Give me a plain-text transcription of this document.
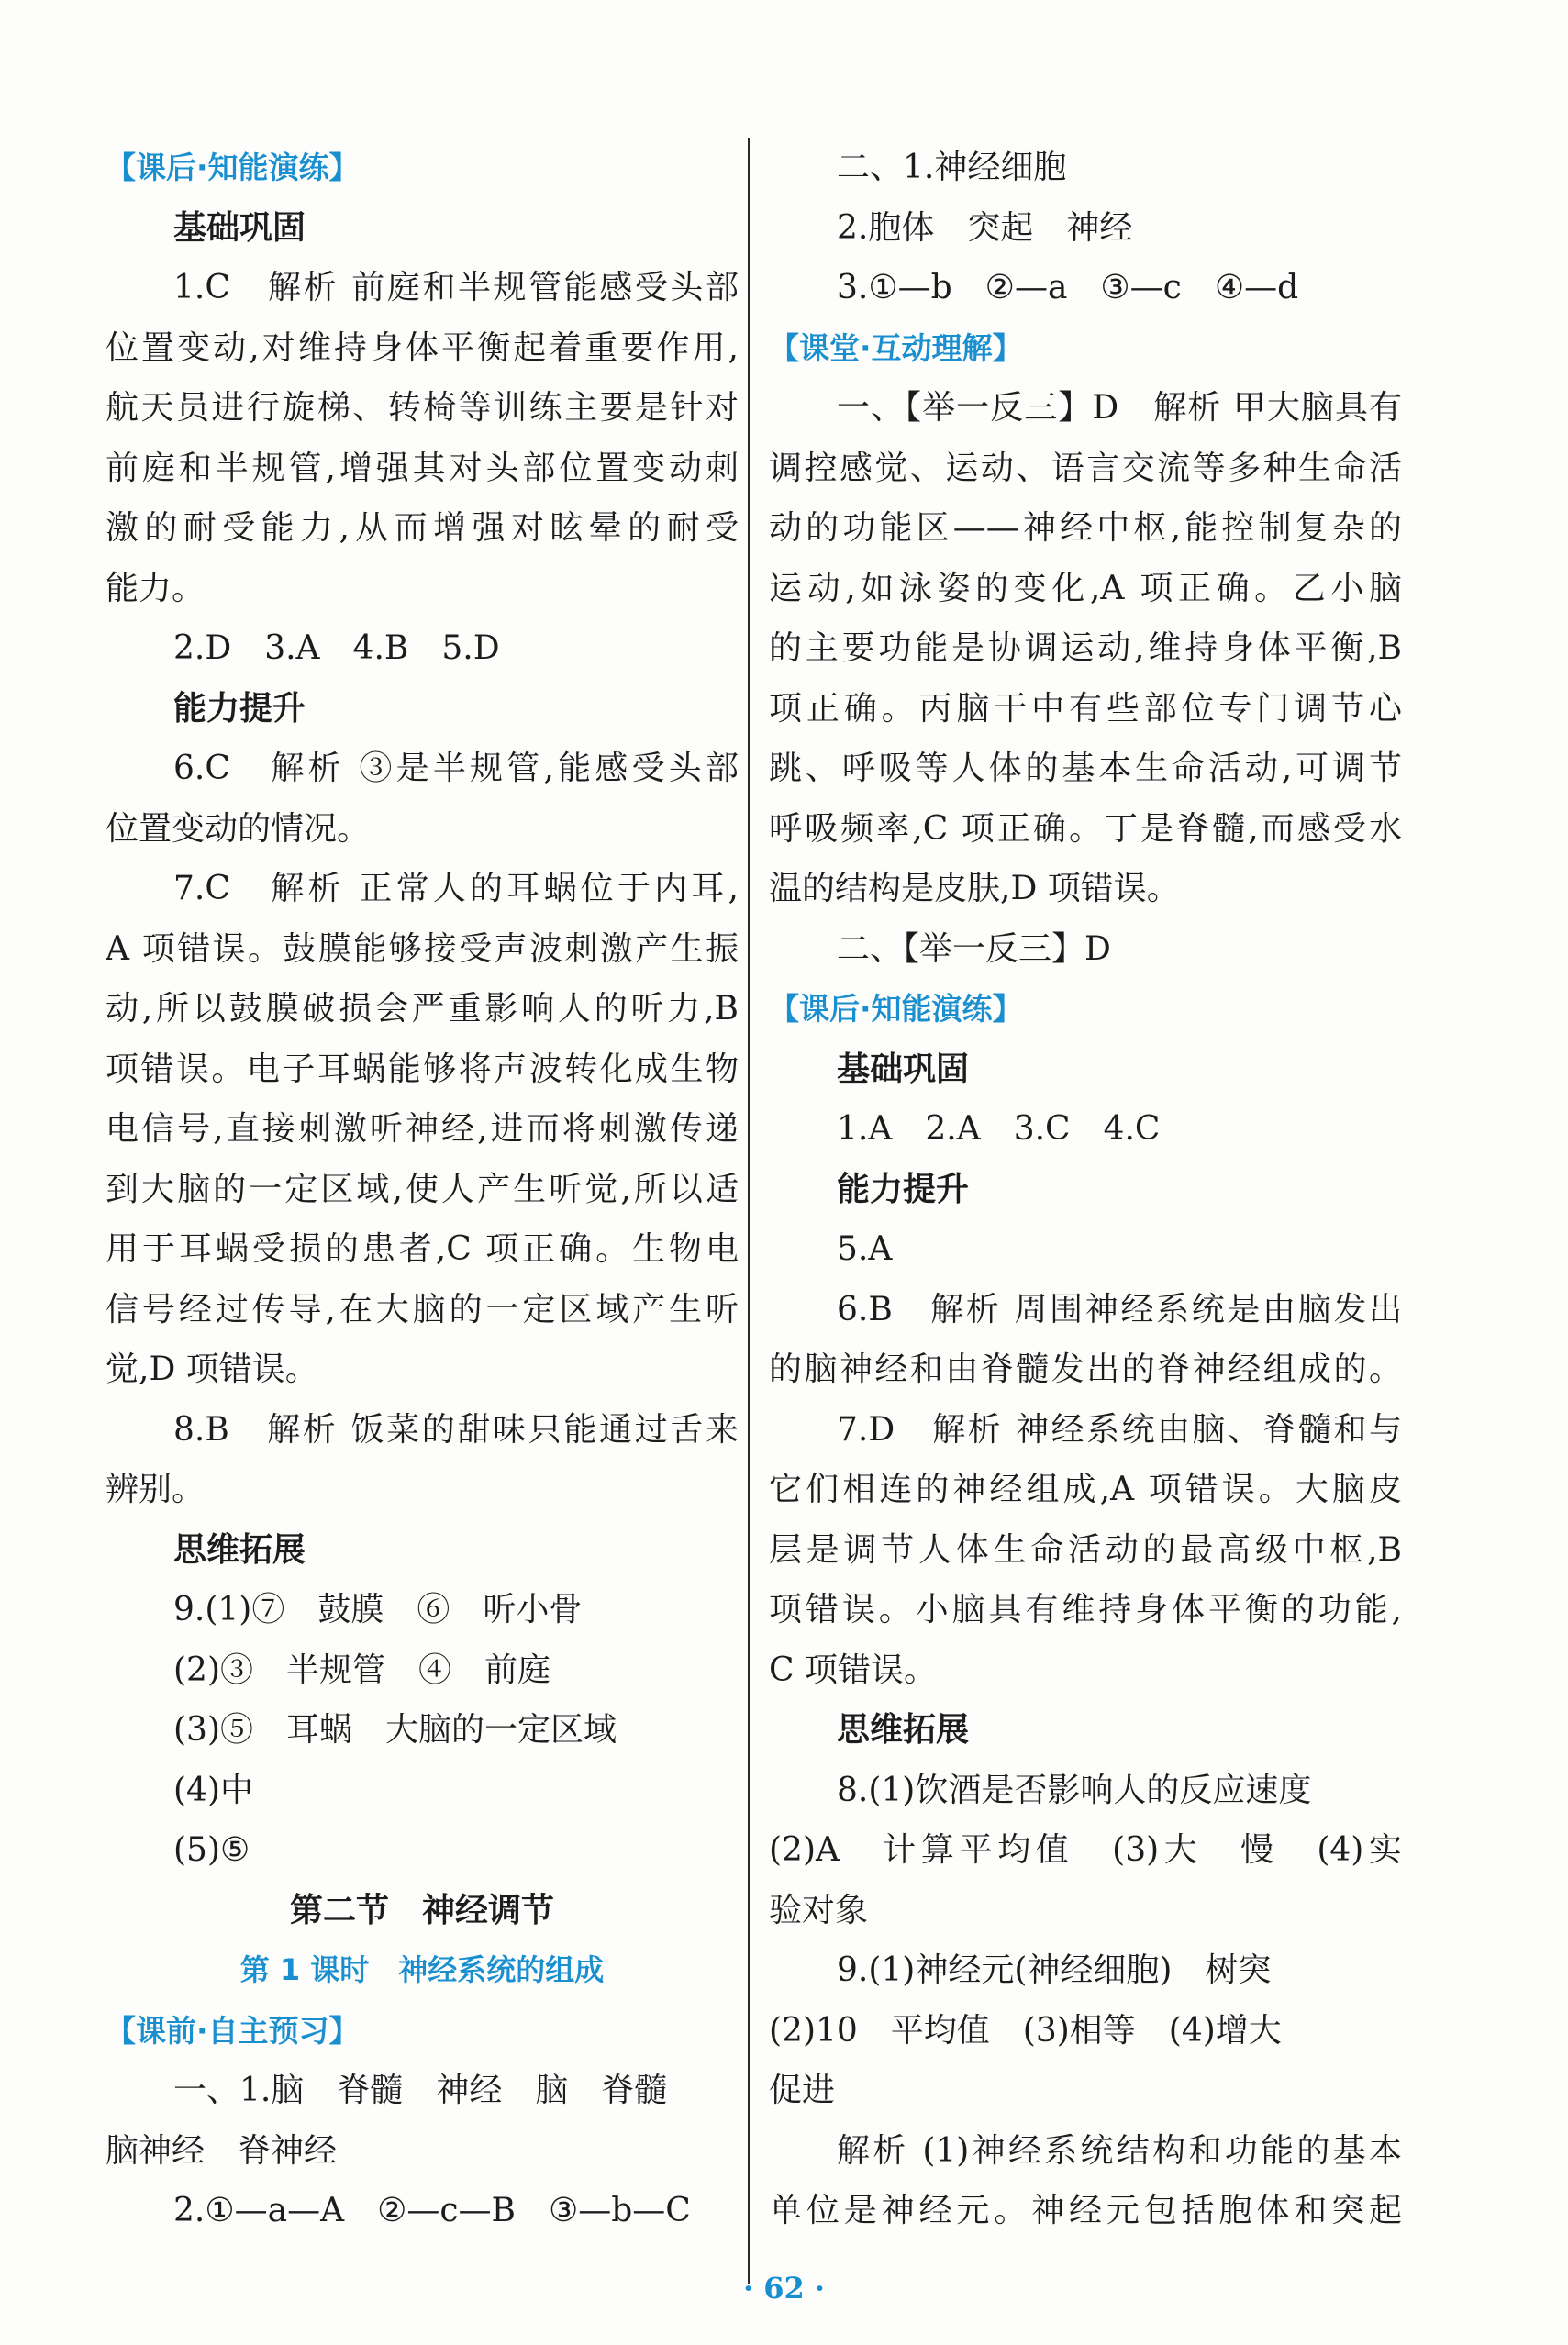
【课后·知能演练】
基础巩固
1.C　解析 前庭和半规管能感受头部
位置变动,对维持身体平衡起着重要作用,
航天员进行旋梯、转椅等训练主要是针对
前庭和半规管,增强其对头部位置变动刺
激的耐受能力,从而增强对眩晕的耐受
能力。
2.D　3.A　4.B　5.D
能力提升
6.C　解析 ③是半规管,能感受头部
位置变动的情况。
7.C　解析 正常人的耳蜗位于内耳,
A 项错误。鼓膜能够接受声波刺激产生振
动,所以鼓膜破损会严重影响人的听力,B
项错误。电子耳蜗能够将声波转化成生物
电信号,直接刺激听神经,进而将刺激传递
到大脑的一定区域,使人产生听觉,所以适
用于耳蜗受损的患者,C 项正确。生物电
信号经过传导,在大脑的一定区域产生听
觉,D 项错误。
8.B　解析 饭菜的甜味只能通过舌来
辨别。
思维拓展
9.(1)⑦　鼓膜　⑥　听小骨
(2)③　半规管　④　前庭
(3)⑤　耳蜗　大脑的一定区域
(4)中
(5)⑤
第二节　神经调节
第 1 课时　神经系统的组成
【课前·自主预习】
一、1.脑　脊髓　神经　脑　脊髓
脑神经　脊神经
2.①—a—A　②—c—B　③—b—C
二、1.神经细胞
2.胞体　突起　神经
3.①—b　②—a　③—c　④—d
【课堂·互动理解】
一、【举一反三】D　解析 甲大脑具有
调控感觉、运动、语言交流等多种生命活
动的功能区——神经中枢,能控制复杂的
运动,如泳姿的变化,A 项正确。乙小脑
的主要功能是协调运动,维持身体平衡,B
项正确。丙脑干中有些部位专门调节心
跳、呼吸等人体的基本生命活动,可调节
呼吸频率,C 项正确。丁是脊髓,而感受水
温的结构是皮肤,D 项错误。
二、【举一反三】D
【课后·知能演练】
基础巩固
1.A　2.A　3.C　4.C
能力提升
5.A
6.B　解析 周围神经系统是由脑发出
的脑神经和由脊髓发出的脊神经组成的。
7.D　解析 神经系统由脑、脊髓和与
它们相连的神经组成,A 项错误。大脑皮
层是调节人体生命活动的最高级中枢,B
项错误。小脑具有维持身体平衡的功能,
C 项错误。
思维拓展
8.(1)饮酒是否影响人的反应速度
(2)A　计算平均值　(3)大　慢　(4)实
验对象
9.(1)神经元(神经细胞)　树突
(2)10　平均值　(3)相等　(4)增大
促进
解析 (1)神经系统结构和功能的基本
单位是神经元。神经元包括胞体和突起
· 62 ·
